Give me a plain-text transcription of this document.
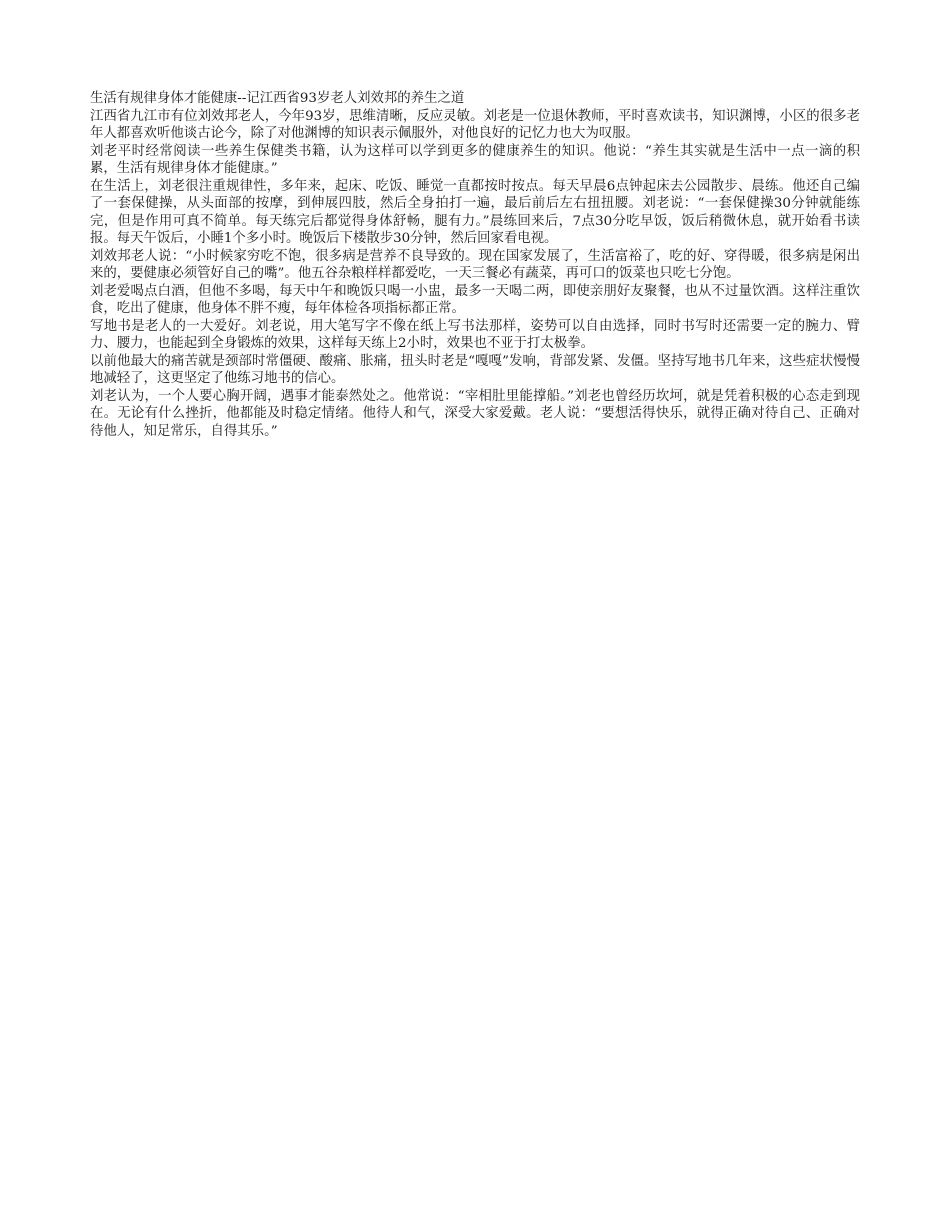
生活有规律身体才能健康--记江西省93岁老人刘效邦的养生之道

江西省九江市有位刘效邦老人，今年93岁，思维清晰，反应灵敏。刘老是一位退休教师，平时喜欢读书，知识渊博，小区的很多老年人都喜欢听他谈古论今，除了对他渊博的知识表示佩服外，对他良好的记忆力也大为叹服。

刘老平时经常阅读一些养生保健类书籍，认为这样可以学到更多的健康养生的知识。他说：“养生其实就是生活中一点一滴的积累，生活有规律身体才能健康。”

在生活上，刘老很注重规律性，多年来，起床、吃饭、睡觉一直都按时按点。每天早晨6点钟起床去公园散步、晨练。他还自己编了一套保健操，从头面部的按摩，到伸展四肢，然后全身拍打一遍，最后前后左右扭扭腰。刘老说：“一套保健操30分钟就能练完，但是作用可真不简单。每天练完后都觉得身体舒畅，腿有力。”晨练回来后，7点30分吃早饭，饭后稍微休息，就开始看书读报。每天午饭后，小睡1个多小时。晚饭后下楼散步30分钟，然后回家看电视。

刘效邦老人说：“小时候家穷吃不饱，很多病是营养不良导致的。现在国家发展了，生活富裕了，吃的好、穿得暖，很多病是闲出来的，要健康必须管好自己的嘴”。他五谷杂粮样样都爱吃，一天三餐必有蔬菜，再可口的饭菜也只吃七分饱。

刘老爱喝点白酒，但他不多喝，每天中午和晚饭只喝一小盅，最多一天喝二两，即使亲朋好友聚餐，也从不过量饮酒。这样注重饮食，吃出了健康，他身体不胖不瘦，每年体检各项指标都正常。

写地书是老人的一大爱好。刘老说，用大笔写字不像在纸上写书法那样，姿势可以自由选择，同时书写时还需要一定的腕力、臂力、腰力，也能起到全身锻炼的效果，这样每天练上2小时，效果也不亚于打太极拳。

以前他最大的痛苦就是颈部时常僵硬、酸痛、胀痛，扭头时老是“嘎嘎”发响，背部发紧、发僵。坚持写地书几年来，这些症状慢慢地减轻了，这更坚定了他练习地书的信心。

刘老认为，一个人要心胸开阔，遇事才能泰然处之。他常说：“宰相肚里能撑船。”刘老也曾经历坎坷，就是凭着积极的心态走到现在。无论有什么挫折，他都能及时稳定情绪。他待人和气，深受大家爱戴。老人说：“要想活得快乐，就得正确对待自己、正确对待他人，知足常乐，自得其乐。”
